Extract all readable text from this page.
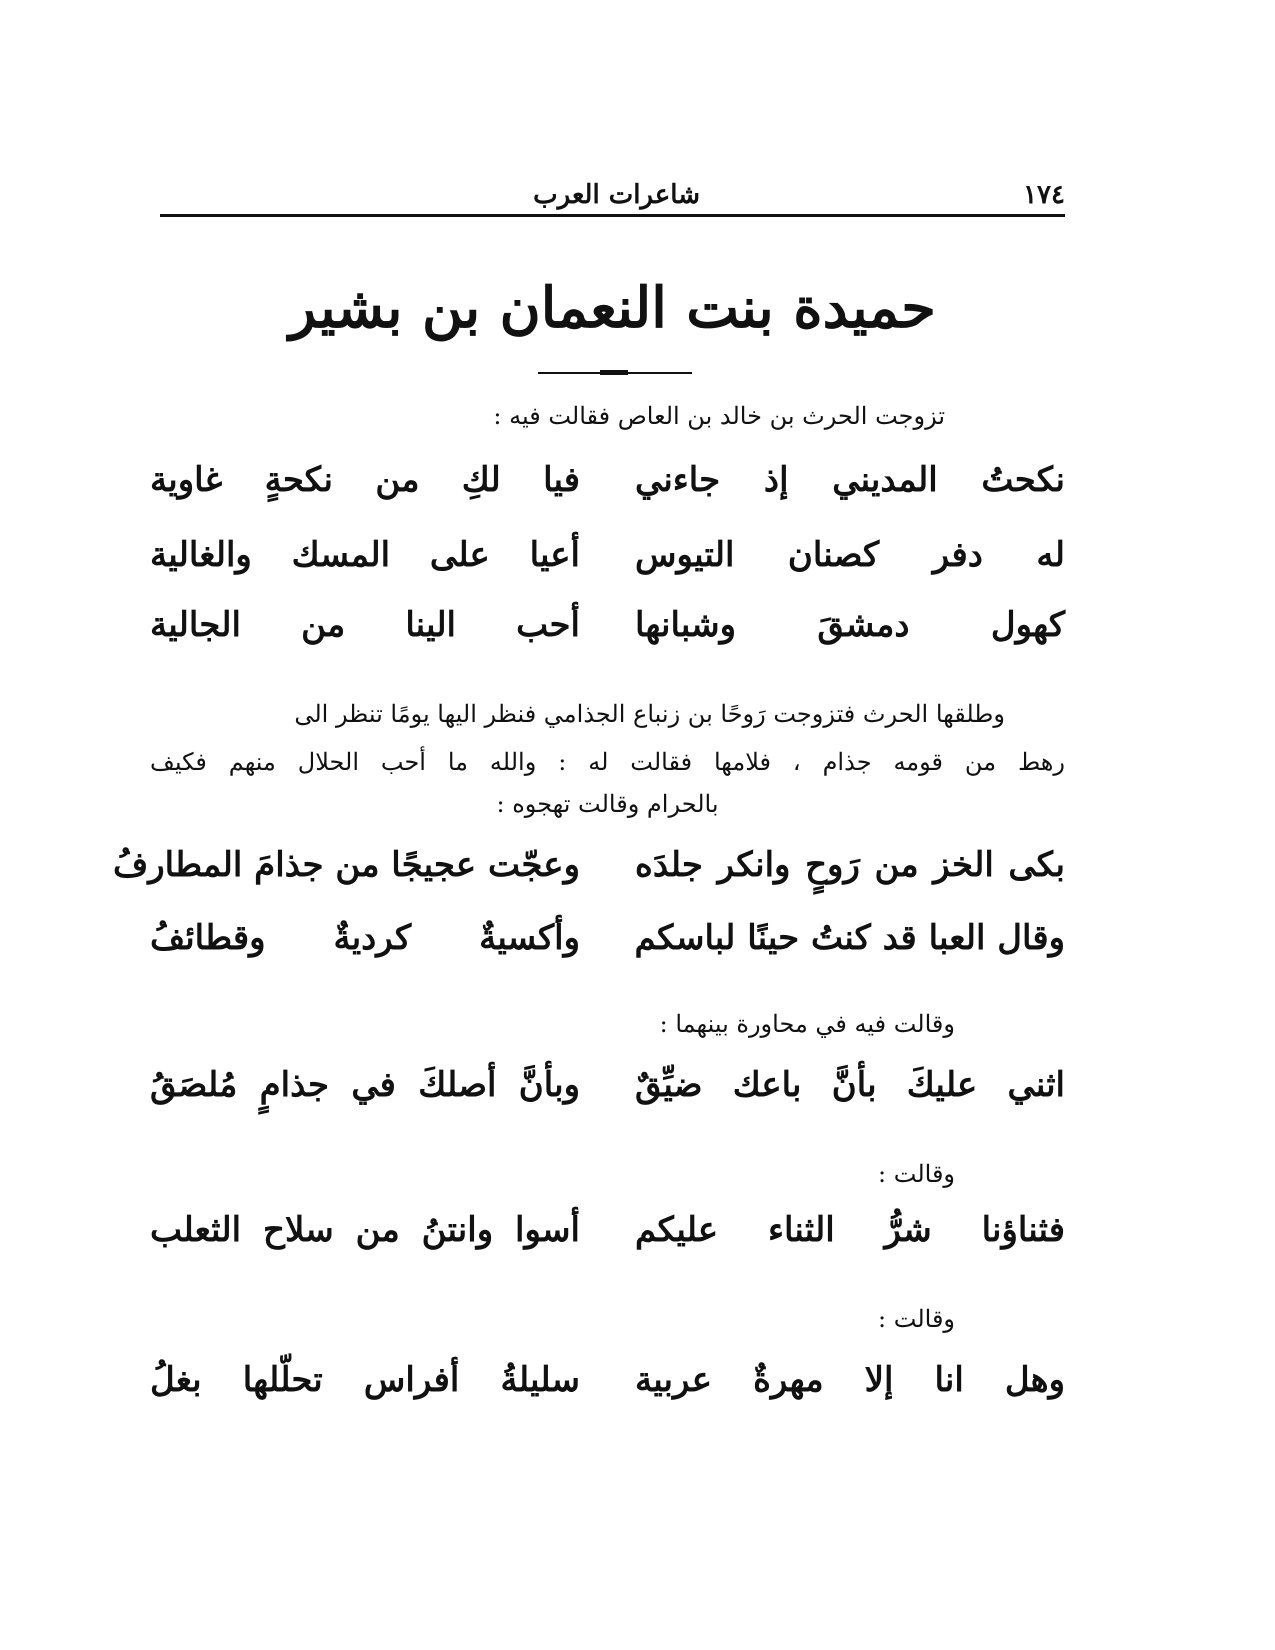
١٧٤
شاعرات العرب
حميدة بنت النعمان بن بشير
تزوجت الحرث بن خالد بن العاص فقالت فيه :
نكحتُ المديني إذ جاءني
فيا لكِ من نكحةٍ غاوية
له دفر كصنان التيوس
أعيا على المسك والغالية
كهول دمشقَ وشبانها
أحب الينا من الجالية
وطلقها الحرث فتزوجت رَوحًا بن زنباع الجذامي فنظر اليها يومًا تنظر الى
رهط من قومه جذام ، فلامها فقالت له : والله ما أحب الحلال منهم فكيف
بالحرام وقالت تهجوه :
بكى الخز من رَوحٍ وانكر جلدَه
وعجّت عجيجًا من جذامَ المطارفُ
وقال العبا قد كنتُ حينًا لباسكم
وأكسيةٌ كرديةٌ وقطائفُ
وقالت فيه في محاورة بينهما :
اثني عليكَ بأنَّ باعك ضيِّقٌ
وبأنَّ أصلكَ في جذامٍ مُلصَقُ
وقالت :
فثناؤنا شرُّ الثناء عليكم
أسوا وانتنُ من سلاح الثعلب
وقالت :
وهل انا إلا مهرةٌ عربية
سليلةُ أفراس تحلّلها بغلُ
